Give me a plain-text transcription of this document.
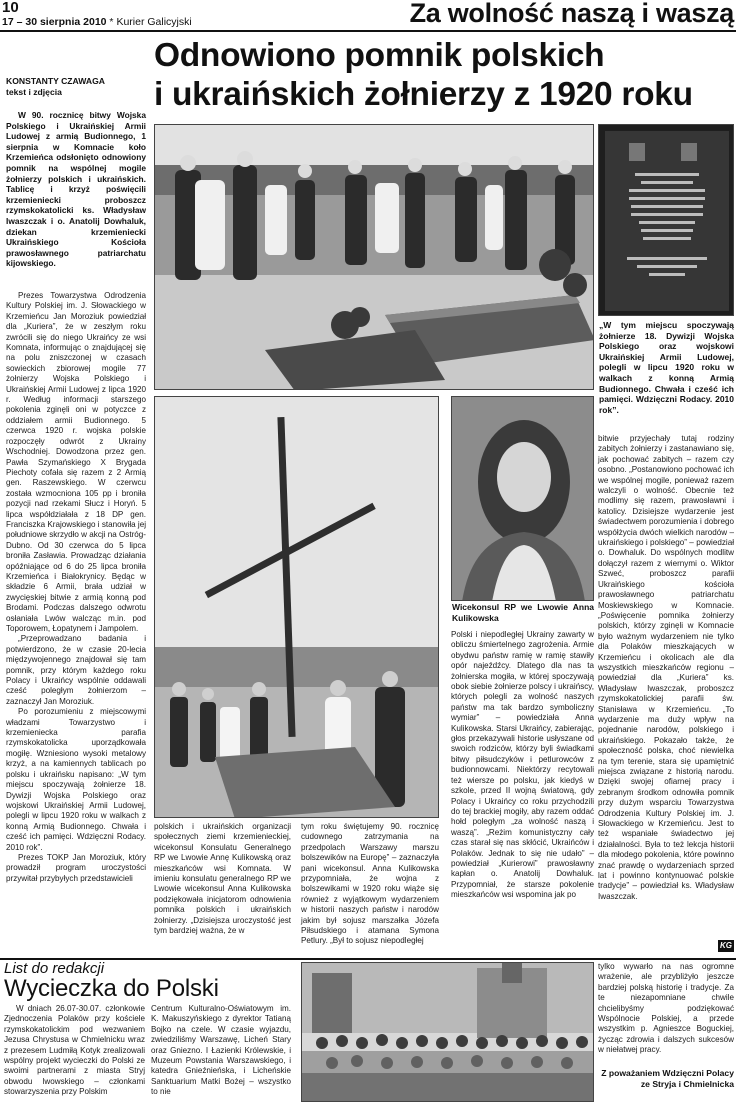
10
17 – 30 sierpnia 2010 * Kurier Galicyjski	Za wolność naszą i waszą
Odnowiono pomnik polskich
i ukraińskich żołnierzy z 1920 roku
KONSTANTY CZAWAGA
tekst i zdjęcia

W 90. rocznicę bitwy Wojska Polskiego i Ukraińskiej Armii Ludowej z armią Budionnego, 1 sierpnia w Komnacie koło Krzemieńca odsłonięto odnowiony pomnik na wspólnej mogile żołnierzy polskich i ukraińskich. Tablicę i krzyż poświęcili krzemieniecki proboszcz rzymskokatolicki ks. Władysław Iwaszczak i o. Anatolij Dowhaluk, dziekan krzemieniecki Ukraińskiego Kościoła prawosławnego patriarchatu kijowskiego.

Prezes Towarzystwa Odrodzenia Kultury Polskiej im. J. Słowackiego w Krzemieńcu Jan Moroziuk powiedział dla „Kuriera”, że w zeszłym roku zwrócili się do niego Ukraińcy ze wsi Komnata, informując o znajdującej się na polu zniszczonej w czasach sowieckich zbiorowej mogile 77 żołnierzy Wojska Polskiego i Ukraińskiej Armii Ludowej z lipca 1920 r. Według informacji starszego pokolenia zginęli oni w potyczce z oddziałem armii Budionnego. 5 czerwca 1920 r. wojska polskie rozpoczęły odwrót z Ukrainy Wschodniej. Dowodzona przez gen. Pawła Szymańskiego X Brygada Piechoty cofała się razem z 2 Armią gen. Raszewskiego. W czerwcu została wzmocniona 105 pp i broniła pozycji nad rzekami Słucz i Horyń. 5 lipca współdziałała z 18 DP gen. Franciszka Krajowskiego i stanowiła jej południowe skrzydło w akcji na Ostróg-Dubno. Od 30 czerwca do 5 lipca broniła Zasławia. Prowadząc działania opóźniające od 6 do 25 lipca broniła Krzemieńca i Białokrynicy. Będąc w składzie 6 Armii, brała udział w zwycięskiej bitwie z armią konną pod Brodami. Podczas dalszego odwrotu osłaniała Lwów walcząc m.in. pod Toporowem, Łopatynem i Jampolem.

„Przeprowadzano badania i potwierdzono, że w czasie 20-lecia międzywojennego znajdował się tam pomnik, przy którym każdego roku Polacy i Ukraińcy wspólnie oddawali cześć poległym żołnierzom – zaznaczył Jan Moroziuk.

Po porozumieniu z miejscowymi władzami Towarzystwo i krzemieniecka parafia rzymskokatolicka uporządkowała mogiłę. Wzniesiono wysoki metalowy krzyż, a na kamiennych tablicach po polsku i ukraińsku napisano: „W tym miejscu spoczywają żołnierze 18. Dywizji Wojska Polskiego oraz wojskowi Ukraińskiej Armii Ludowej, polegli w lipcu 1920 roku w walkach z konną Armią Budionnego. Chwała i cześć ich pamięci. Wdzięczni Rodacy. 2010 rok”.

Prezes TOKP Jan Moroziuk, który prowadził program uroczystości przywitał przybyłych przedstawicieli

„W tym miejscu spoczywają żołnierze 18. Dywizji Wojska Polskiego oraz wojskowi Ukraińskiej Armii Ludowej, polegli w lipcu 1920 roku w walkach z konną Armią Budionnego. Chwała i cześć ich pamięci. Wdzięczni Rodacy. 2010 rok”.
Wicekonsul RP we Lwowie Anna Kulikowska

polskich i ukraińskich organizacji społecznych ziemi krzemienieckiej, wicekonsul Konsulatu Generalnego RP we Lwowie Annę Kulikowską oraz mieszkańców wsi Komnata. W imieniu konsulatu generalnego RP we Lwowie wicekonsul Anna Kulikowska podziękowała inicjatorom odnowienia pomnika polskich i ukraińskich żołnierzy. „Dzisiejsza uroczystość jest tym bardziej ważna, że w

tym roku świętujemy 90. rocznicę cudownego zatrzymania na przedpolach Warszawy marszu bolszewików na Europę” – zaznaczyła pani wicekonsul. Anna Kulikowska przypomniała, że wojna z bolszewikami w 1920 roku wiąże się również z wyjątkowym wydarzeniem w historii naszych państw i narodów jakim był sojusz marszałka Józefa Piłsudskiego i atamana Symona Petlury. „Był to sojusz niepodległej

Polski i niepodległej Ukrainy zawarty w obliczu śmiertelnego zagrożenia. Armie obydwu państw ramię w ramię stawiły opór najeźdźcy. Dlatego dla nas ta żołnierska mogiła, w której spoczywają obok siebie żołnierze polscy i ukraińscy, których polegli za wolność naszych państw ma tak bardzo symboliczny wymiar” – powiedziała Anna Kulikowska. Starsi Ukraińcy, zabierając, głos przekazywali historie usłyszane od swoich rodziców, którzy byli świadkami bitwy piłsudczyków i petlurowców z budionnowcami. Niektórzy recytowali też wiersze po polsku, jak kiedyś w szkole, przed II wojną światową, gdy Polacy i Ukraińcy co roku przychodzili do tej brackiej mogiły, aby razem oddać hołd poległym „za wolność naszą i waszą”. „Reżim komunistyczny cały czas starał się nas skłócić, Ukraińców i Polaków. Jednak to się nie udało” – powiedział „Kurierowi” prawosławny kapłan o. Anatolij Dowhaluk. Przypomniał, że starsze pokolenie mieszkańców wsi wspomina jak po

bitwie przyjechały tutaj rodziny zabitych żołnierzy i zastanawiano się, jak pochować zabitych – razem czy osobno. „Postanowiono pochować ich we wspólnej mogile, ponieważ razem walczyli o wolność. Obecnie też modlimy się razem, prawosławni i katolicy. Dzisiejsze wydarzenie jest świadectwem porozumienia i dobrego współżycia dwóch wielkich narodów – ukraińskiego i polskiego” – powiedział o. Dowhaluk. Do wspólnych modlitw dołączył razem z wiernymi o. Wiktor Szweć, proboszcz parafii Ukraińskiego kościoła prawosławnego patriarchatu Moskiewskiego w Komnacie. „Poświęcenie pomnika żołnierzy polskich, którzy zginęli w Komnacie było ważnym wydarzeniem nie tylko dla Polaków mieszkających w Krzemieńcu i okolicach ale dla wszystkich mieszkańców regionu – powiedział dla „Kuriera” ks. Władysław Iwaszczak, proboszcz rzymskokatolickiej parafii św. Stanisława w Krzemieńcu. „To wydarzenie ma duży wpływ na pojednanie narodów, polskiego i ukraińskiego. Pokazało także, że społeczność polska, choć niewielka na tym terenie, stara się upamiętnić miejsca związane z historią narodu. Dzięki swojej ofiarnej pracy i zebranym środkom odnowiła pomnik przy dużym wsparciu Towarzystwa Odrodzenia Kultury Polskiej im. J. Słowackiego w Krzemieńcu. Jest to też wspaniałe świadectwo jej działalności. Była to też lekcja historii dla młodego pokolenia, które powinno znać prawdę o wydarzeniach sprzed lat i powinno kontynuować polskie tradycje” – powiedział ks. Władysław Iwaszczak.

KG
List do redakcji
Wycieczka do Polski

W dniach 26.07-30.07. członkowie Zjednoczenia Polaków przy kościele rzymskokatolickim pod wezwaniem Jezusa Chrystusa w Chmielnicku wraz z prezesem Ludmiłą Kotyk zrealizowali wspólny projekt wycieczki do Polski ze swoimi partnerami z miasta Stryj obwodu lwowskiego – członkami stowarzyszenia przy Polskim

Centrum Kulturalno-Oświatowym im. K. Makuszyńskiego z dyrektor Tatianą Bojko na czele. W czasie wyjazdu, zwiedziliśmy Warszawę, Licheń Stary oraz Gniezno. I Łazienki Królewskie, i Muzeum Powstania Warszawskiego, i katedra Gnieźnieńska, i Licheńskie Sanktuarium Matki Bożej – wszystko to nie

tylko wywarło na nas ogromne wrażenie, ale przybliżyło jeszcze bardziej polską historię i tradycje. Za te niezapomniane chwile chcielibyśmy podziękować Wspólnocie Polskiej, a przede wszystkim p. Agnieszce Boguckiej, życząc zdrowia i dalszych sukcesów w niełatwej pracy.

Z poważaniem Wdzięczni Polacy ze Stryja i Chmielnicka
